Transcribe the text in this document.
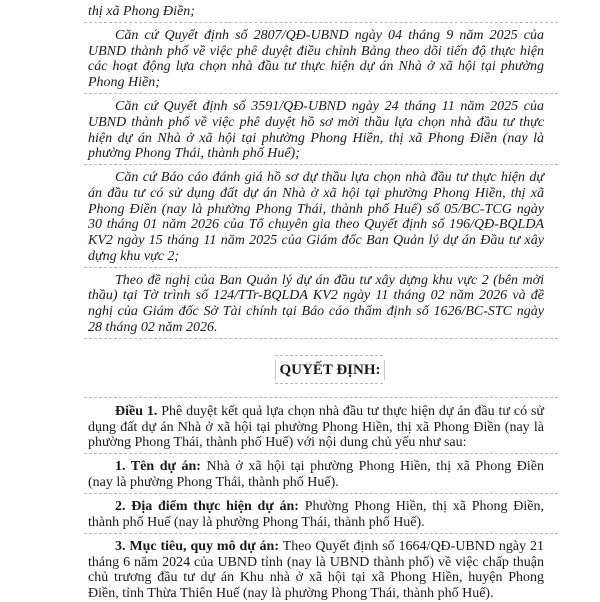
QUYẾT ĐỊNH:
thị xã Phong Điền;
Căn cứ Quyết định số 2807/QĐ-UBND ngày 04 tháng 9 năm 2025 của
UBND thành phố về việc phê duyệt điều chỉnh Bảng theo dõi tiến độ thực hiện
các hoạt động lựa chọn nhà đầu tư thực hiện dự án Nhà ở xã hội tại phường
Phong Hiền;
Căn cứ Quyết định số 3591/QĐ-UBND ngày 24 tháng 11 năm 2025 của
UBND thành phố về việc phê duyệt hồ sơ mời thầu lựa chọn nhà đầu tư thực
hiện dự án Nhà ở xã hội tại phường Phong Hiền, thị xã Phong Điền (nay là
phường Phong Thái, thành phố Huế);
Căn cứ Báo cáo đánh giá hồ sơ dự thầu lựa chọn nhà đầu tư thực hiện dự
án đầu tư có sử dụng đất dự án Nhà ở xã hội tại phường Phong Hiền, thị xã
Phong Điền (nay là phường Phong Thái, thành phố Huế) số 05/BC-TCG ngày
30 tháng 01 năm 2026 của Tổ chuyên gia theo Quyết định số 196/QĐ-BQLDA
KV2 ngày 15 tháng 11 năm 2025 của Giám đốc Ban Quản lý dự án Đầu tư xây
dựng khu vực 2;
Theo đề nghị của Ban Quản lý dự án đầu tư xây dựng khu vực 2 (bên mời
thầu) tại Tờ trình số 124/TTr-BQLDA KV2 ngày 11 tháng 02 năm 2026 và đề
nghị của Giám đốc Sở Tài chính tại Báo cáo thẩm định số 1626/BC-STC ngày
28 tháng 02 năm 2026.
Điều 1. Phê duyệt kết quả lựa chọn nhà đầu tư thực hiện dự án đầu tư có sử
dụng đất dự án Nhà ở xã hội tại phường Phong Hiền, thị xã Phong Điền (nay là
phường Phong Thái, thành phố Huế) với nội dung chủ yếu như sau:
1. Tên dự án: Nhà ở xã hội tại phường Phong Hiền, thị xã Phong Điền
(nay là phường Phong Thái, thành phố Huế).
2. Địa điểm thực hiện dự án: Phường Phong Hiền, thị xã Phong Điền,
thành phố Huế (nay là phường Phong Thái, thành phố Huế).
3. Mục tiêu, quy mô dự án: Theo Quyết định số 1664/QĐ-UBND ngày 21
tháng 6 năm 2024 của UBND tỉnh (nay là UBND thành phố) về việc chấp thuận
chủ trương đầu tư dự án Khu nhà ở xã hội tại xã Phong Hiền, huyện Phong
Điền, tỉnh Thừa Thiên Huế (nay là phường Phong Thái, thành phố Huế).
